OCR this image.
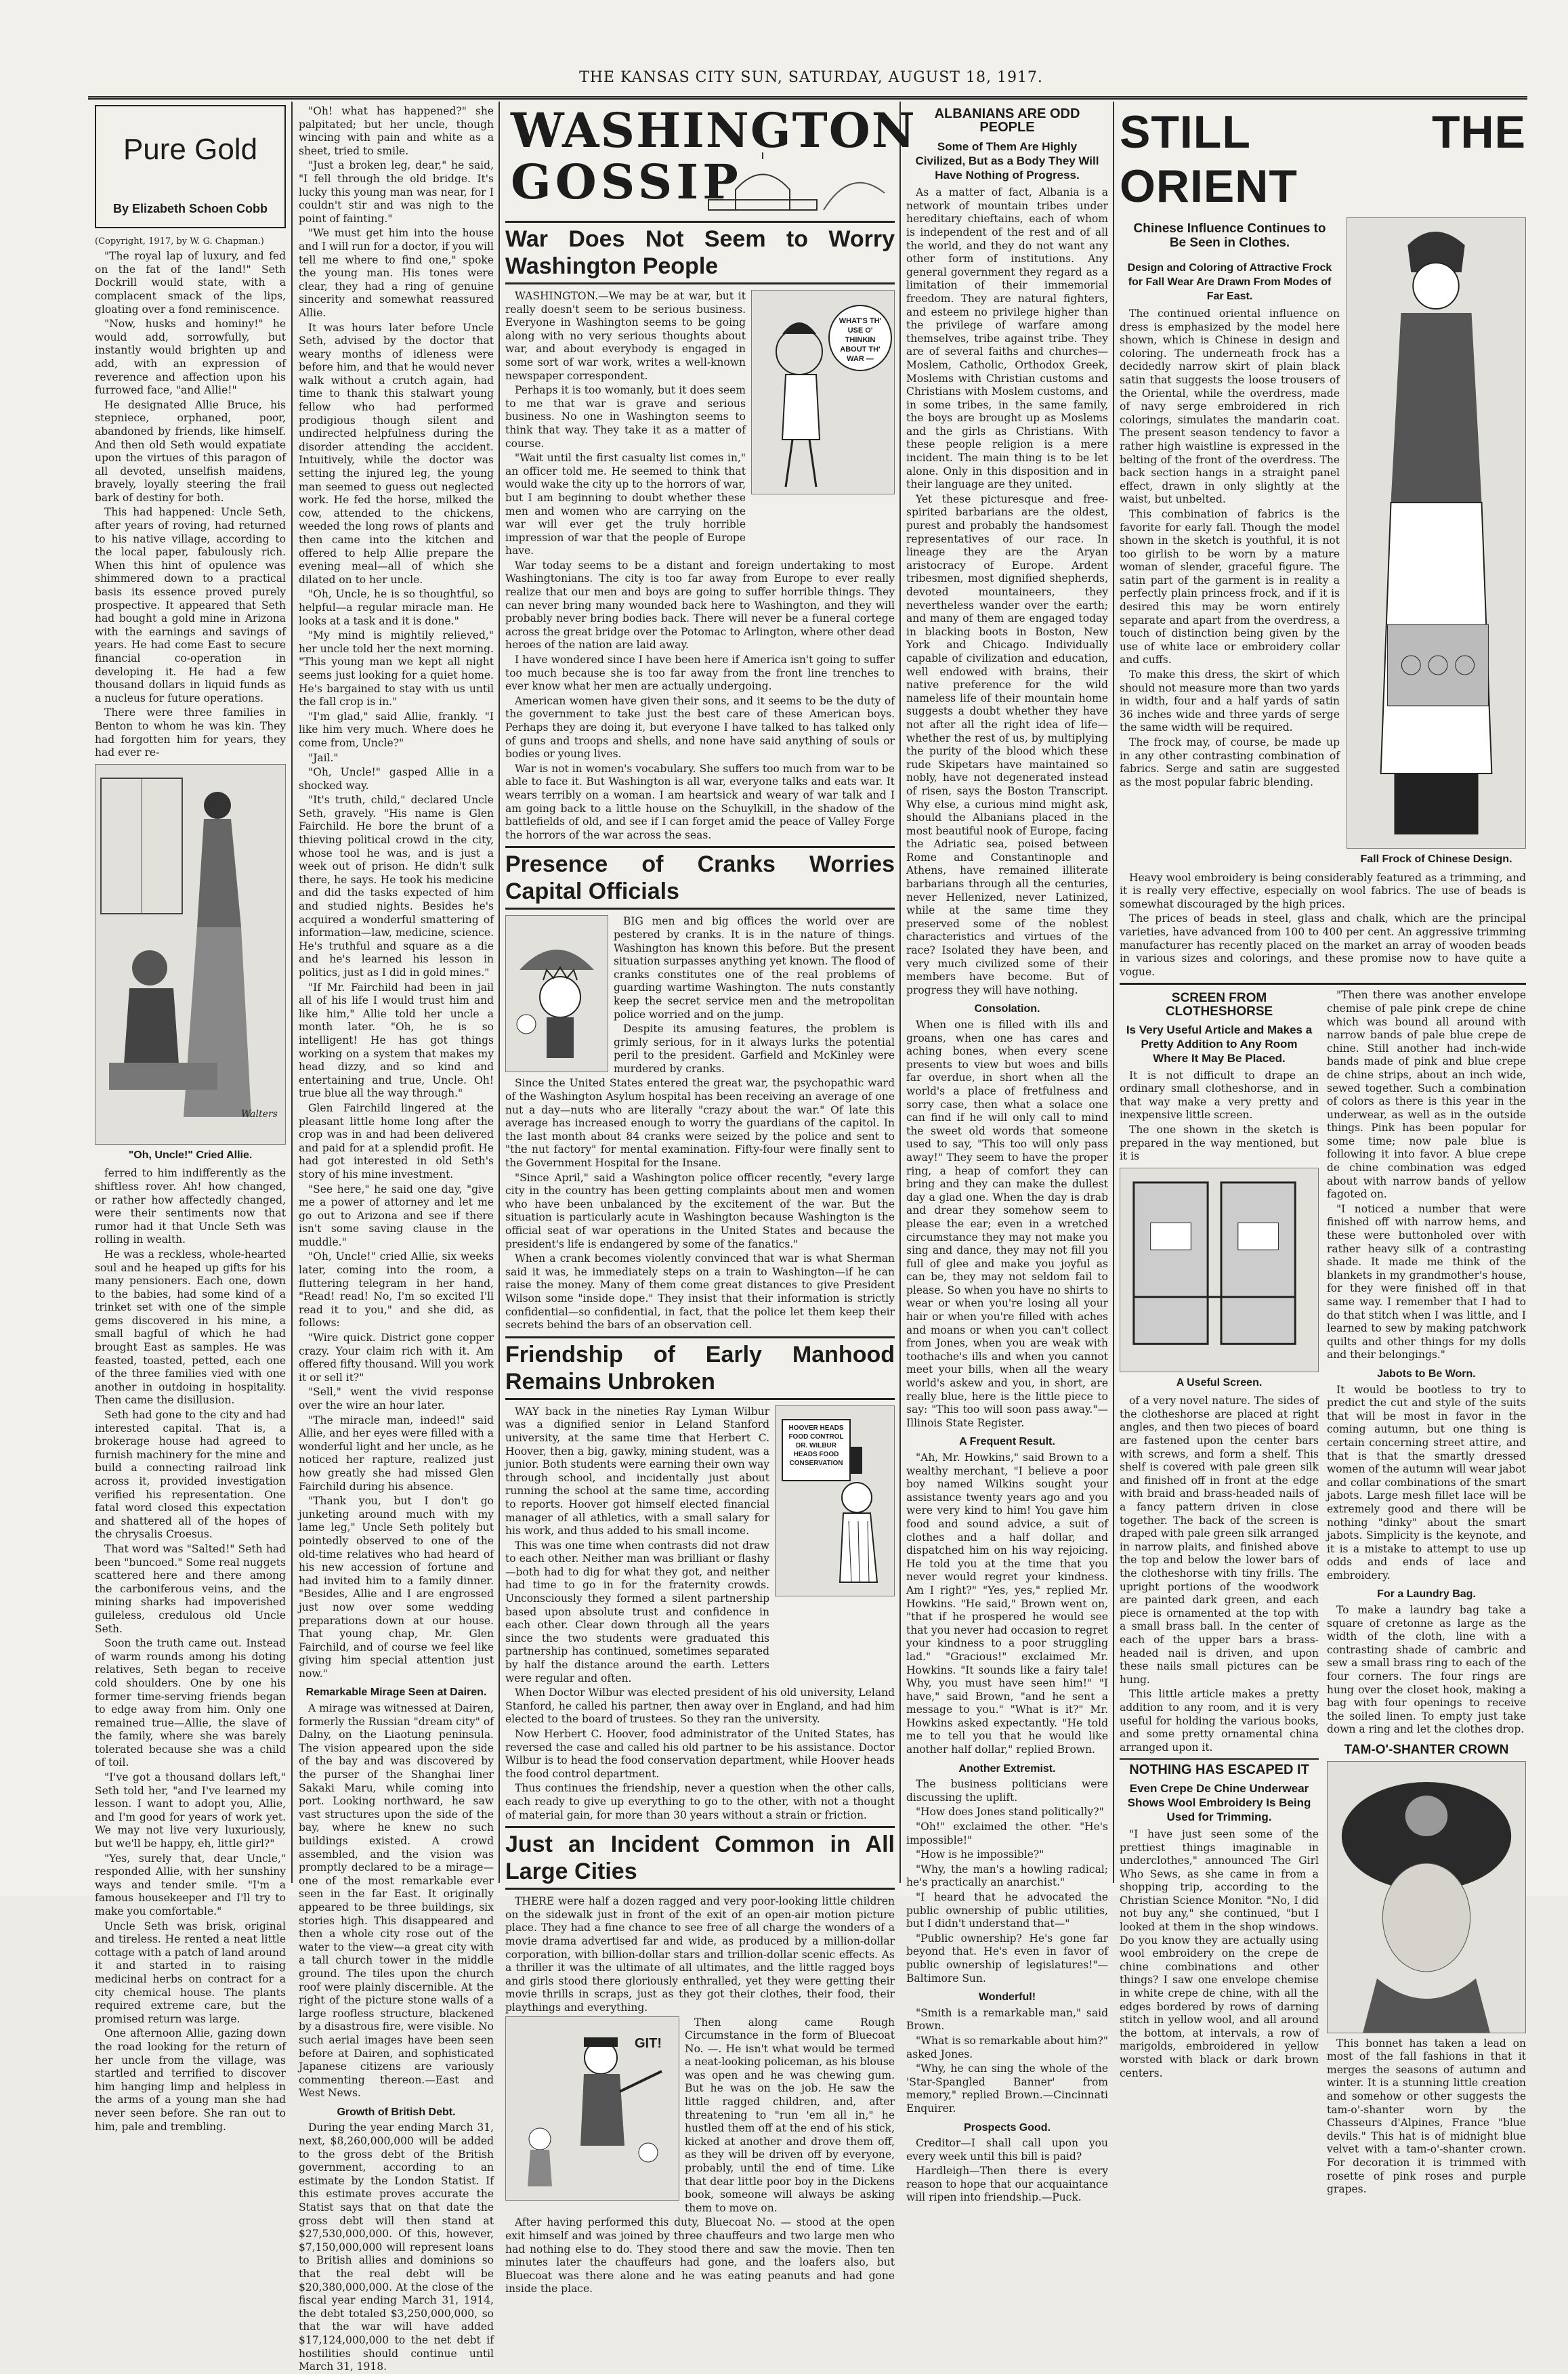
THE KANSAS CITY SUN, SATURDAY, AUGUST 18, 1917.
Pure Gold
By Elizabeth Schoen Cobb
(Copyright, 1917, by W. G. Chapman.)

"The royal lap of luxury, and fed on the fat of the land!" Seth Dockrill would state, with a complacent smack of the lips, gloating over a fond reminiscence.

"Now, husks and hominy!" he would add, sorrowfully, but instantly would brighten up and add, with an expression of reverence and affection upon his furrowed face, "and Allie!"

He designated Allie Bruce, his stepniece, orphaned, poor, abandoned by friends, like himself. And then old Seth would expatiate upon the virtues of this paragon of all devoted, unselfish maidens, bravely, loyally steering the frail bark of destiny for both.

This had happened: Uncle Seth, after years of roving, had returned to his native village, according to the local paper, fabulously rich. When this hint of opulence was shimmered down to a practical basis its essence proved purely prospective. It appeared that Seth had bought a gold mine in Arizona with the earnings and savings of years. He had come East to secure financial co-operation in developing it. He had a few thousand dollars in liquid funds as a nucleus for future operations.

There were three families in Benton to whom he was kin. They had forgotten him for years, they had ever re-

Walters
"Oh, Uncle!" Cried Allie.

ferred to him indifferently as the shiftless rover. Ah! how changed, or rather how affectedly changed, were their sentiments now that rumor had it that Uncle Seth was rolling in wealth.

He was a reckless, whole-hearted soul and he heaped up gifts for his many pensioners. Each one, down to the babies, had some kind of a trinket set with one of the simple gems discovered in his mine, a small bagful of which he had brought East as samples. He was feasted, toasted, petted, each one of the three families vied with one another in outdoing in hospitality. Then came the disillusion.

Seth had gone to the city and had interested capital. That is, a brokerage house had agreed to furnish machinery for the mine and build a connecting railroad link across it, provided investigation verified his representation. One fatal word closed this expectation and shattered all of the hopes of the chrysalis Croesus.

That word was "Salted!" Seth had been "buncoed." Some real nuggets scattered here and there among the carboniferous veins, and the mining sharks had impoverished guileless, credulous old Uncle Seth.

Soon the truth came out. Instead of warm rounds among his doting relatives, Seth began to receive cold shoulders. One by one his former time-serving friends began to edge away from him. Only one remained true—Allie, the slave of the family, where she was barely tolerated because she was a child of toil.

"I've got a thousand dollars left," Seth told her, "and I've learned my lesson. I want to adopt you, Allie, and I'm good for years of work yet. We may not live very luxuriously, but we'll be happy, eh, little girl?"

"Yes, surely that, dear Uncle," responded Allie, with her sunshiny ways and tender smile. "I'm a famous housekeeper and I'll try to make you comfortable."

Uncle Seth was brisk, original and tireless. He rented a neat little cottage with a patch of land around it and started in to raising medicinal herbs on contract for a city chemical house. The plants required extreme care, but the promised return was large.

One afternoon Allie, gazing down the road looking for the return of her uncle from the village, was startled and terrified to discover him hanging limp and helpless in the arms of a young man she had never seen before. She ran out to him, pale and trembling.

"Oh! what has happened?" she palpitated; but her uncle, though wincing with pain and white as a sheet, tried to smile.

"Just a broken leg, dear," he said, "I fell through the old bridge. It's lucky this young man was near, for I couldn't stir and was nigh to the point of fainting."

"We must get him into the house and I will run for a doctor, if you will tell me where to find one," spoke the young man. His tones were clear, they had a ring of genuine sincerity and somewhat reassured Allie.

It was hours later before Uncle Seth, advised by the doctor that weary months of idleness were before him, and that he would never walk without a crutch again, had time to thank this stalwart young fellow who had performed prodigious though silent and undirected helpfulness during the disorder attending the accident. Intuitively, while the doctor was setting the injured leg, the young man seemed to guess out neglected work. He fed the horse, milked the cow, attended to the chickens, weeded the long rows of plants and then came into the kitchen and offered to help Allie prepare the evening meal—all of which she dilated on to her uncle.

"Oh, Uncle, he is so thoughtful, so helpful—a regular miracle man. He looks at a task and it is done."

"My mind is mightily relieved," her uncle told her the next morning. "This young man we kept all night seems just looking for a quiet home. He's bargained to stay with us until the fall crop is in."

"I'm glad," said Allie, frankly. "I like him very much. Where does he come from, Uncle?"

"Jail."

"Oh, Uncle!" gasped Allie in a shocked way.

"It's truth, child," declared Uncle Seth, gravely. "His name is Glen Fairchild. He bore the brunt of a thieving political crowd in the city, whose tool he was, and is just a week out of prison. He didn't sulk there, he says. He took his medicine and did the tasks expected of him and studied nights. Besides he's acquired a wonderful smattering of information—law, medicine, science. He's truthful and square as a die and he's learned his lesson in politics, just as I did in gold mines."

"If Mr. Fairchild had been in jail all of his life I would trust him and like him," Allie told her uncle a month later. "Oh, he is so intelligent! He has got things working on a system that makes my head dizzy, and so kind and entertaining and true, Uncle. Oh! true blue all the way through."

Glen Fairchild lingered at the pleasant little home long after the crop was in and had been delivered and paid for at a splendid profit. He had got interested in old Seth's story of his mine investment.

"See here," he said one day, "give me a power of attorney and let me go out to Arizona and see if there isn't some saving clause in the muddle."

"Oh, Uncle!" cried Allie, six weeks later, coming into the room, a fluttering telegram in her hand, "Read! read! No, I'm so excited I'll read it to you," and she did, as follows:

"Wire quick. District gone copper crazy. Your claim rich with it. Am offered fifty thousand. Will you work it or sell it?"

"Sell," went the vivid response over the wire an hour later.

"The miracle man, indeed!" said Allie, and her eyes were filled with a wonderful light and her uncle, as he noticed her rapture, realized just how greatly she had missed Glen Fairchild during his absence.

"Thank you, but I don't go junketing around much with my lame leg," Uncle Seth politely but pointedly observed to one of the old-time relatives who had heard of his new accession of fortune and had invited him to a family dinner. "Besides, Allie and I are engrossed just now over some wedding preparations down at our house. That young chap, Mr. Glen Fairchild, and of course we feel like giving him special attention just now."

Remarkable Mirage Seen at Dairen.

A mirage was witnessed at Dairen, formerly the Russian "dream city" of Dalny, on the Liaotung peninsula. The vision appeared upon the side of the bay and was discovered by the purser of the Shanghai liner Sakaki Maru, while coming into port. Looking northward, he saw vast structures upon the side of the bay, where he knew no such buildings existed. A crowd assembled, and the vision was promptly declared to be a mirage—one of the most remarkable ever seen in the far East. It originally appeared to be three buildings, six stories high. This disappeared and then a whole city rose out of the water to the view—a great city with a tall church tower in the middle ground. The tiles upon the church roof were plainly discernible. At the right of the picture stone walls of a large roofless structure, blackened by a disastrous fire, were visible. No such aerial images have been seen before at Dairen, and sophisticated Japanese citizens are variously commenting thereon.—East and West News.

Growth of British Debt.

During the year ending March 31, next, $8,260,000,000 will be added to the gross debt of the British government, according to an estimate by the London Statist. If this estimate proves accurate the Statist says that on that date the gross debt will then stand at $27,530,000,000. Of this, however, $7,150,000,000 will represent loans to British allies and dominions so that the real debt will be $20,380,000,000. At the close of the fiscal year ending March 31, 1914, the debt totaled $3,250,000,000, so that the war will have added $17,124,000,000 to the net debt if hostilities should continue until March 31, 1918.

WASHINGTON
GOSSIP
War Does Not Seem to Worry Washington People

WASHINGTON.—We may be at war, but it really doesn't seem to be serious business. Everyone in Washington seems to be going along with no very serious thoughts about war, and about everybody is engaged in some sort of war work, writes a well-known newspaper correspondent.

Perhaps it is too womanly, but it does seem to me that war is grave and serious business. No one in Washington seems to think that way. They take it as a matter of course.

"Wait until the first casualty list comes in," an officer told me. He seemed to think that would wake the city up to the horrors of war, but I am beginning to doubt whether these men and women who are carrying on the war will ever get the truly horrible impression of war that the people of Europe have.

WHAT'S TH' USE O' THINKIN ABOUT TH' WAR —

War today seems to be a distant and foreign undertaking to most Washingtonians. The city is too far away from Europe to ever really realize that our men and boys are going to suffer horrible things. They can never bring many wounded back here to Washington, and they will probably never bring bodies back. There will never be a funeral cortege across the great bridge over the Potomac to Arlington, where other dead heroes of the nation are laid away.

I have wondered since I have been here if America isn't going to suffer too much because she is too far away from the front line trenches to ever know what her men are actually undergoing.

American women have given their sons, and it seems to be the duty of the government to take just the best care of these American boys. Perhaps they are doing it, but everyone I have talked to has talked only of guns and troops and shells, and none have said anything of souls or bodies or young lives.

War is not in women's vocabulary. She suffers too much from war to be able to face it. But Washington is all war, everyone talks and eats war. It wears terribly on a woman. I am heartsick and weary of war talk and I am going back to a little house on the Schuylkill, in the shadow of the battlefields of old, and see if I can forget amid the peace of Valley Forge the horrors of the war across the seas.

Presence of Cranks Worries Capital Officials

BIG men and big offices the world over are pestered by cranks. It is in the nature of things. Washington has known this before. But the present situation surpasses anything yet known. The flood of cranks constitutes one of the real problems of guarding wartime Washington. The nuts constantly keep the secret service men and the metropolitan police worried and on the jump.

Despite its amusing features, the problem is grimly serious, for in it always lurks the potential peril to the president. Garfield and McKinley were murdered by cranks.

Since the United States entered the great war, the psychopathic ward of the Washington Asylum hospital has been receiving an average of one nut a day—nuts who are literally "crazy about the war." Of late this average has increased enough to worry the guardians of the capitol. In the last month about 84 cranks were seized by the police and sent to "the nut factory" for mental examination. Fifty-four were finally sent to the Government Hospital for the Insane.

"Since April," said a Washington police officer recently, "every large city in the country has been getting complaints about men and women who have been unbalanced by the excitement of the war. But the situation is particularly acute in Washington because Washington is the official seat of war operations in the United States and because the president's life is endangered by some of the fanatics."

When a crank becomes violently convinced that war is what Sherman said it was, he immediately steps on a train to Washington—if he can raise the money. Many of them come great distances to give President Wilson some "inside dope." They insist that their information is strictly confidential—so confidential, in fact, that the police let them keep their secrets behind the bars of an observation cell.

Friendship of Early Manhood Remains Unbroken

WAY back in the nineties Ray Lyman Wilbur was a dignified senior in Leland Stanford university, at the same time that Herbert C. Hoover, then a big, gawky, mining student, was a junior. Both students were earning their own way through school, and incidentally just about running the school at the same time, according to reports. Hoover got himself elected financial manager of all athletics, with a small salary for his work, and thus added to his small income.

This was one time when contrasts did not draw to each other. Neither man was brilliant or flashy—both had to dig for what they got, and neither had time to go in for the fraternity crowds. Unconsciously they formed a silent partnership based upon absolute trust and confidence in each other. Clear down through all the years since the two students were graduated this partnership has continued, sometimes separated by half the distance around the earth. Letters were regular and often.

HOOVER HEADS FOOD CONTROL DR. WILBUR HEADS FOOD CONSERVATION

When Doctor Wilbur was elected president of his old university, Leland Stanford, he called his partner, then away over in England, and had him elected to the board of trustees. So they ran the university.

Now Herbert C. Hoover, food administrator of the United States, has reversed the case and called his old partner to be his assistance. Doctor Wilbur is to head the food conservation department, while Hoover heads the food control department.

Thus continues the friendship, never a question when the other calls, each ready to give up everything to go to the other, with not a thought of material gain, for more than 30 years without a strain or friction.

Just an Incident Common in All Large Cities

THERE were half a dozen ragged and very poor-looking little children on the sidewalk just in front of the exit of an open-air motion picture place. They had a fine chance to see free of all charge the wonders of a movie drama advertised far and wide, as produced by a million-dollar corporation, with billion-dollar stars and trillion-dollar scenic effects. As a thriller it was the ultimate of all ultimates, and the little ragged boys and girls stood there gloriously enthralled, yet they were getting their movie thrills in scraps, just as they got their clothes, their food, their playthings and everything.

GIT!

Then along came Rough Circumstance in the form of Bluecoat No. —. He isn't what would be termed a neat-looking policeman, as his blouse was open and he was chewing gum. But he was on the job. He saw the little ragged children, and, after threatening to "run 'em all in," he hustled them off at the end of his stick, kicked at another and drove them off, as they will be driven off by everyone, probably, until the end of time. Like that dear little poor boy in the Dickens book, someone will always be asking them to move on.

After having performed this duty, Bluecoat No. — stood at the open exit himself and was joined by three chauffeurs and two large men who had nothing else to do. They stood there and saw the movie. Then ten minutes later the chauffeurs had gone, and the loafers also, but Bluecoat was there alone and he was eating peanuts and had gone inside the place.

ALBANIANS ARE ODD PEOPLE
Some of Them Are Highly Civilized, But as a Body They Will Have Nothing of Progress.

As a matter of fact, Albania is a network of mountain tribes under hereditary chieftains, each of whom is independent of the rest and of all the world, and they do not want any other form of institutions. Any general government they regard as a limitation of their immemorial freedom. They are natural fighters, and esteem no privilege higher than the privilege of warfare among themselves, tribe against tribe. They are of several faiths and churches—Moslem, Catholic, Orthodox Greek, Moslems with Christian customs and Christians with Moslem customs, and in some tribes, in the same family, the boys are brought up as Moslems and the girls as Christians. With these people religion is a mere incident. The main thing is to be let alone. Only in this disposition and in their language are they united.

Yet these picturesque and free-spirited barbarians are the oldest, purest and probably the handsomest representatives of our race. In lineage they are the Aryan aristocracy of Europe. Ardent tribesmen, most dignified shepherds, devoted mountaineers, they nevertheless wander over the earth; and many of them are engaged today in blacking boots in Boston, New York and Chicago. Individually capable of civilization and education, well endowed with brains, their native preference for the wild nameless life of their mountain home suggests a doubt whether they have not after all the right idea of life—whether the rest of us, by multiplying the purity of the blood which these rude Skipetars have maintained so nobly, have not degenerated instead of risen, says the Boston Transcript. Why else, a curious mind might ask, should the Albanians placed in the most beautiful nook of Europe, facing the Adriatic sea, poised between Rome and Constantinople and Athens, have remained illiterate barbarians through all the centuries, never Hellenized, never Latinized, while at the same time they preserved some of the noblest characteristics and virtues of the race? Isolated they have been, and very much civilized some of their members have become. But of progress they will have nothing.

Consolation.

When one is filled with ills and groans, when one has cares and aching bones, when every scene presents to view but woes and bills far overdue, in short when all the world's a place of fretfulness and sorry case, then what a solace one can find if he will only call to mind the sweet old words that someone used to say, "This too will only pass away!" They seem to have the proper ring, a heap of comfort they can bring and they can make the dullest day a glad one. When the day is drab and drear they somehow seem to please the ear; even in a wretched circumstance they may not make you sing and dance, they may not fill you full of glee and make you joyful as can be, they may not seldom fail to please. So when you have no shirts to wear or when you're losing all your hair or when you're filled with aches and moans or when you can't collect from Jones, when you are weak with toothache's ills and when you cannot meet your bills, when all the weary world's askew and you, in short, are really blue, here is the little piece to say: "This too will soon pass away."—Illinois State Register.

A Frequent Result.

"Ah, Mr. Howkins," said Brown to a wealthy merchant, "I believe a poor boy named Wilkins sought your assistance twenty years ago and you were very kind to him! You gave him food and sound advice, a suit of clothes and a half dollar, and dispatched him on his way rejoicing. He told you at the time that you never would regret your kindness. Am I right?" "Yes, yes," replied Mr. Howkins. "He said," Brown went on, "that if he prospered he would see that you never had occasion to regret your kindness to a poor struggling lad." "Gracious!" exclaimed Mr. Howkins. "It sounds like a fairy tale! Why, you must have seen him!" "I have," said Brown, "and he sent a message to you." "What is it?" Mr. Howkins asked expectantly. "He told me to tell you that he would like another half dollar," replied Brown.

Another Extremist.

The business politicians were discussing the uplift.

"How does Jones stand politically?"

"Oh!" exclaimed the other. "He's impossible!"

"How is he impossible?"

"Why, the man's a howling radical; he's practically an anarchist."

"I heard that he advocated the public ownership of public utilities, but I didn't understand that—"

"Public ownership? He's gone far beyond that. He's even in favor of public ownership of legislatures!"—Baltimore Sun.

Wonderful!

"Smith is a remarkable man," said Brown.

"What is so remarkable about him?" asked Jones.

"Why, he can sing the whole of the 'Star-Spangled Banner' from memory," replied Brown.—Cincinnati Enquirer.

Prospects Good.

Creditor—I shall call upon you every week until this bill is paid?

Hardleigh—Then there is every reason to hope that our acquaintance will ripen into friendship.—Puck.

STILL THE ORIENT
Chinese Influence Continues to Be Seen in Clothes.
Design and Coloring of Attractive Frock for Fall Wear Are Drawn From Modes of Far East.

The continued oriental influence on dress is emphasized by the model here shown, which is Chinese in design and coloring. The underneath frock has a decidedly narrow skirt of plain black satin that suggests the loose trousers of the Oriental, while the overdress, made of navy serge embroidered in rich colorings, simulates the mandarin coat. The present season tendency to favor a rather high waistline is expressed in the belting of the front of the overdress. The back section hangs in a straight panel effect, drawn in only slightly at the waist, but unbelted.

This combination of fabrics is the favorite for early fall. Though the model shown in the sketch is youthful, it is not too girlish to be worn by a mature woman of slender, graceful figure. The satin part of the garment is in reality a perfectly plain princess frock, and if it is desired this may be worn entirely separate and apart from the overdress, a touch of distinction being given by the use of white lace or embroidery collar and cuffs.

To make this dress, the skirt of which should not measure more than two yards in width, four and a half yards of satin 36 inches wide and three yards of serge the same width will be required.

The frock may, of course, be made up in any other contrasting combination of fabrics. Serge and satin are suggested as the most popular fabric blending.

Fall Frock of Chinese Design.

Heavy wool embroidery is being considerably featured as a trimming, and it is really very effective, especially on wool fabrics. The use of beads is somewhat discouraged by the high prices.

The prices of beads in steel, glass and chalk, which are the principal varieties, have advanced from 100 to 400 per cent. An aggressive trimming manufacturer has recently placed on the market an array of wooden beads in various sizes and colorings, and these promise now to have quite a vogue.

SCREEN FROM CLOTHESHORSE
Is Very Useful Article and Makes a Pretty Addition to Any Room Where It May Be Placed.

It is not difficult to drape an ordinary small clotheshorse, and in that way make a very pretty and inexpensive little screen.

The one shown in the sketch is prepared in the way mentioned, but it is

A Useful Screen.

of a very novel nature. The sides of the clotheshorse are placed at right angles, and then two pieces of board are fastened upon the center bars with screws, and form a shelf. This shelf is covered with pale green silk and finished off in front at the edge with braid and brass-headed nails of a fancy pattern driven in close together. The back of the screen is draped with pale green silk arranged in narrow plaits, and finished above the top and below the lower bars of the clotheshorse with tiny frills. The upright portions of the woodwork are painted dark green, and each piece is ornamented at the top with a small brass ball. In the center of each of the upper bars a brass-headed nail is driven, and upon these nails small pictures can be hung.

This little article makes a pretty addition to any room, and it is very useful for holding the various books, and some pretty ornamental china arranged upon it.

NOTHING HAS ESCAPED IT
Even Crepe De Chine Underwear Shows Wool Embroidery Is Being Used for Trimming.

"I have just seen some of the prettiest things imaginable in underclothes," announced The Girl Who Sews, as she came in from a shopping trip, according to the Christian Science Monitor. "No, I did not buy any," she continued, "but I looked at them in the shop windows. Do you know they are actually using wool embroidery on the crepe de chine combinations and other things? I saw one envelope chemise in white crepe de chine, with all the edges bordered by rows of darning stitch in yellow wool, and all around the bottom, at intervals, a row of marigolds, embroidered in yellow worsted with black or dark brown centers.

"Then there was another envelope chemise of pale pink crepe de chine which was bound all around with narrow bands of pale blue crepe de chine. Still another had inch-wide bands made of pink and blue crepe de chine strips, about an inch wide, sewed together. Such a combination of colors as there is this year in the underwear, as well as in the outside things. Pink has been popular for some time; now pale blue is following it into favor. A blue crepe de chine combination was edged about with narrow bands of yellow fagoted on.

"I noticed a number that were finished off with narrow hems, and these were buttonholed over with rather heavy silk of a contrasting shade. It made me think of the blankets in my grandmother's house, for they were finished off in that same way. I remember that I had to do that stitch when I was little, and I learned to sew by making patchwork quilts and other things for my dolls and their belongings."

Jabots to Be Worn.

It would be bootless to try to predict the cut and style of the suits that will be most in favor in the coming autumn, but one thing is certain concerning street attire, and that is that the smartly dressed women of the autumn will wear jabot and collar combinations of the smart jabots. Large mesh fillet lace will be extremely good and there will be nothing "dinky" about the smart jabots. Simplicity is the keynote, and it is a mistake to attempt to use up odds and ends of lace and embroidery.

For a Laundry Bag.

To make a laundry bag take a square of cretonne as large as the width of the cloth, line with a contrasting shade of cambric and sew a small brass ring to each of the four corners. The four rings are hung over the closet hook, making a bag with four openings to receive the soiled linen. To empty just take down a ring and let the clothes drop.

TAM-O'-SHANTER CROWN

This bonnet has taken a lead on most of the fall fashions in that it merges the seasons of autumn and winter. It is a stunning little creation and somehow or other suggests the tam-o'-shanter worn by the Chasseurs d'Alpines, France "blue devils." This hat is of midnight blue velvet with a tam-o'-shanter crown. For decoration it is trimmed with rosette of pink roses and purple grapes.
